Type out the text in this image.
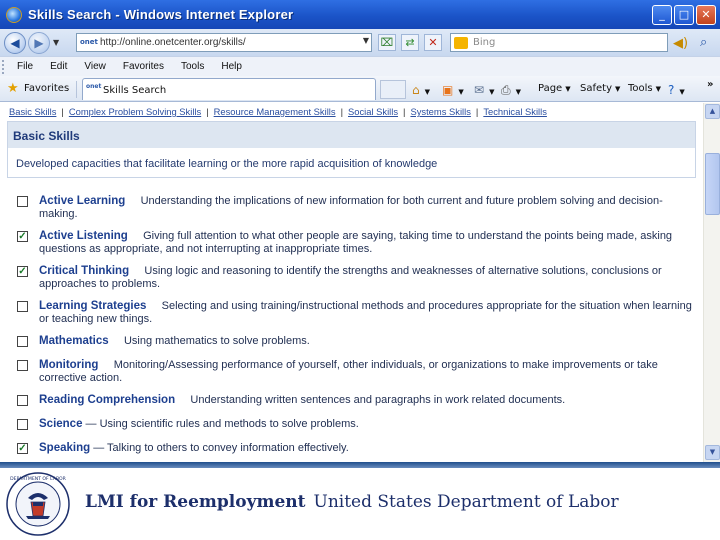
Skills Search - Windows Internet Explorer	_	□	✕
◀	▶	▼	onet http://online.onetcenter.org/skills/	▼ ⌧	⇄	✕	Bing	◀) ⌕
File	Edit	View	Favorites	Tools	Help
★ Favorites	onet Skills Search	⌂ ▼ ▣ ▼ ✉ ▼ ⎙ ▼ Page ▼ Safety ▼ Tools ▼ ? ▼
»
Basic Skills | Complex Problem Solving Skills | Resource Management Skills | Social Skills | Systems Skills | Technical Skills
Basic Skills
Developed capacities that facilitate learning or the more rapid acquisition of knowledge
Active Learning Understanding the implications of new information for both current and future problem solving and decision-making.
✓ Active Listening Giving full attention to what other people are saying, taking time to understand the points being made, asking questions as appropriate, and not interrupting at inappropriate times.
✓ Critical Thinking Using logic and reasoning to identify the strengths and weaknesses of alternative solutions, conclusions or approaches to problems.
Learning Strategies Selecting and using training/instructional methods and procedures appropriate for the situation when learning or teaching new things.
Mathematics Using mathematics to solve problems.
Monitoring Monitoring/Assessing performance of yourself, other individuals, or organizations to make improvements or take corrective action.
Reading Comprehension Understanding written sentences and paragraphs in work related documents.
Science — Using scientific rules and methods to solve problems.
✓ Speaking — Talking to others to convey information effectively.
▲
▼
DEPARTMENT OF LABOR
LMI for Reemployment United States Department of Labor
